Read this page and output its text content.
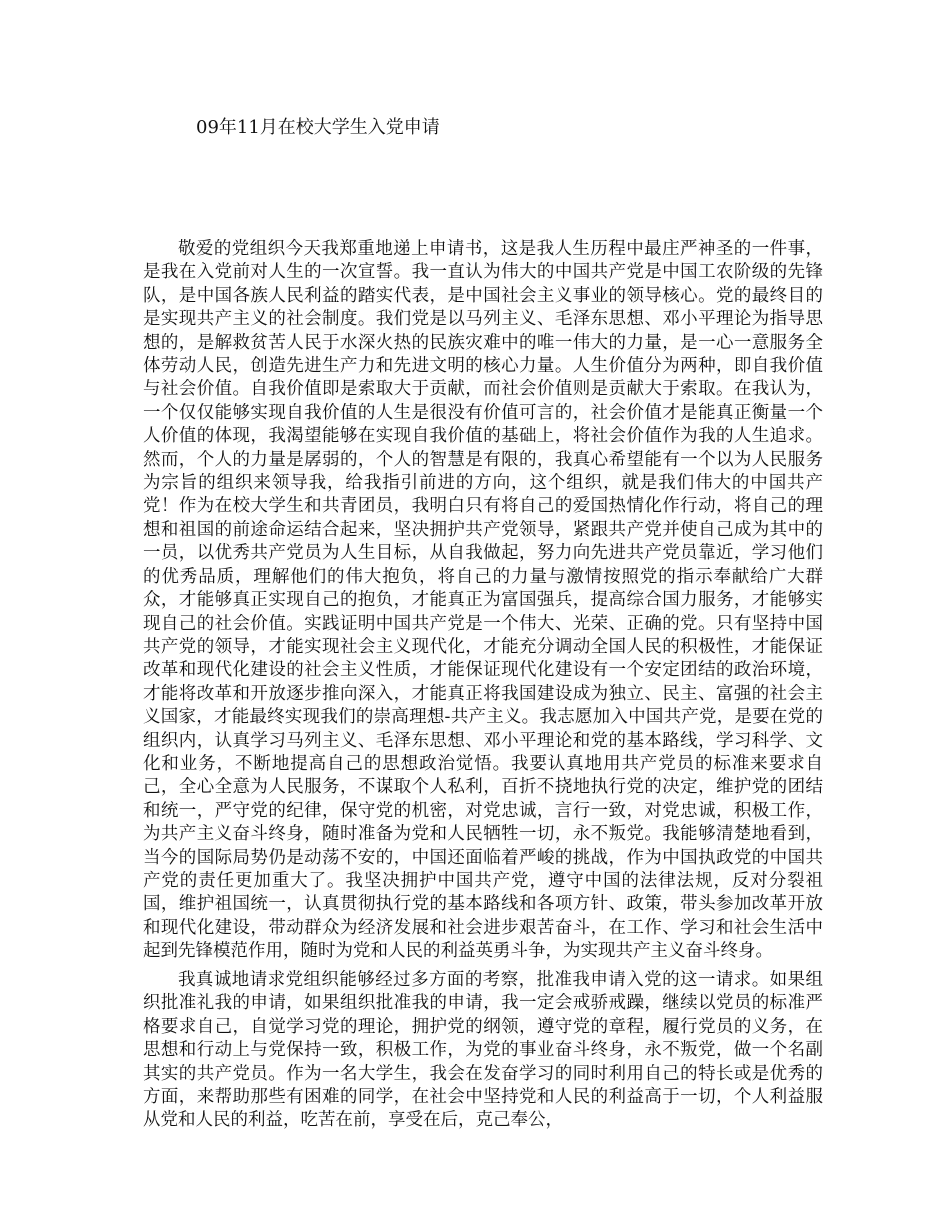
09年11月在校大学生入党申请

敬爱的党组织今天我郑重地递上申请书，这是我人生历程中最庄严神圣的一件事，是我在入党前对人生的一次宣誓。我一直认为伟大的中国共产党是中国工农阶级的先锋队，是中国各族人民利益的踏实代表，是中国社会主义事业的领导核心。党的最终目的是实现共产主义的社会制度。我们党是以马列主义、毛泽东思想、邓小平理论为指导思想的，是解救贫苦人民于水深火热的民族灾难中的唯一伟大的力量，是一心一意服务全体劳动人民，创造先进生产力和先进文明的核心力量。人生价值分为两种，即自我价值与社会价值。自我价值即是索取大于贡献，而社会价值则是贡献大于索取。在我认为，一个仅仅能够实现自我价值的人生是很没有价值可言的，社会价值才是能真正衡量一个人价值的体现，我渴望能够在实现自我价值的基础上，将社会价值作为我的人生追求。然而，个人的力量是孱弱的，个人的智慧是有限的，我真心希望能有一个以为人民服务为宗旨的组织来领导我，给我指引前进的方向，这个组织，就是我们伟大的中国共产党！作为在校大学生和共青团员，我明白只有将自己的爱国热情化作行动，将自己的理想和祖国的前途命运结合起来，坚决拥护共产党领导，紧跟共产党并使自己成为其中的一员，以优秀共产党员为人生目标，从自我做起，努力向先进共产党员靠近，学习他们的优秀品质，理解他们的伟大抱负，将自己的力量与激情按照党的指示奉献给广大群众，才能够真正实现自己的抱负，才能真正为富国强兵，提高综合国力服务，才能够实现自己的社会价值。实践证明中国共产党是一个伟大、光荣、正确的党。只有坚持中国共产党的领导，才能实现社会主义现代化，才能充分调动全国人民的积极性，才能保证改革和现代化建设的社会主义性质，才能保证现代化建设有一个安定团结的政治环境，才能将改革和开放逐步推向深入，才能真正将我国建设成为独立、民主、富强的社会主义国家，才能最终实现我们的崇高理想-共产主义。我志愿加入中国共产党，是要在党的组织内，认真学习马列主义、毛泽东思想、邓小平理论和党的基本路线，学习科学、文化和业务，不断地提高自己的思想政治觉悟。我要认真地用共产党员的标准来要求自己，全心全意为人民服务，不谋取个人私利，百折不挠地执行党的决定，维护党的团结和统一，严守党的纪律，保守党的机密，对党忠诚，言行一致，对党忠诚，积极工作，为共产主义奋斗终身，随时准备为党和人民牺牲一切，永不叛党。我能够清楚地看到，当今的国际局势仍是动荡不安的，中国还面临着严峻的挑战，作为中国执政党的中国共产党的责任更加重大了。我坚决拥护中国共产党，遵守中国的法律法规，反对分裂祖国，维护祖国统一，认真贯彻执行党的基本路线和各项方针、政策，带头参加改革开放和现代化建设，带动群众为经济发展和社会进步艰苦奋斗，在工作、学习和社会生活中起到先锋模范作用，随时为党和人民的利益英勇斗争，为实现共产主义奋斗终身。

我真诚地请求党组织能够经过多方面的考察，批准我申请入党的这一请求。如果组织批准礼我的申请，如果组织批准我的申请，我一定会戒骄戒躁，继续以党员的标准严格要求自己，自觉学习党的理论，拥护党的纲领，遵守党的章程，履行党员的义务，在思想和行动上与党保持一致，积极工作，为党的事业奋斗终身，永不叛党，做一个名副其实的共产党员。作为一名大学生，我会在发奋学习的同时利用自己的特长或是优秀的方面，来帮助那些有困难的同学，在社会中坚持党和人民的利益高于一切，个人利益服从党和人民的利益，吃苦在前，享受在后，克己奉公，
